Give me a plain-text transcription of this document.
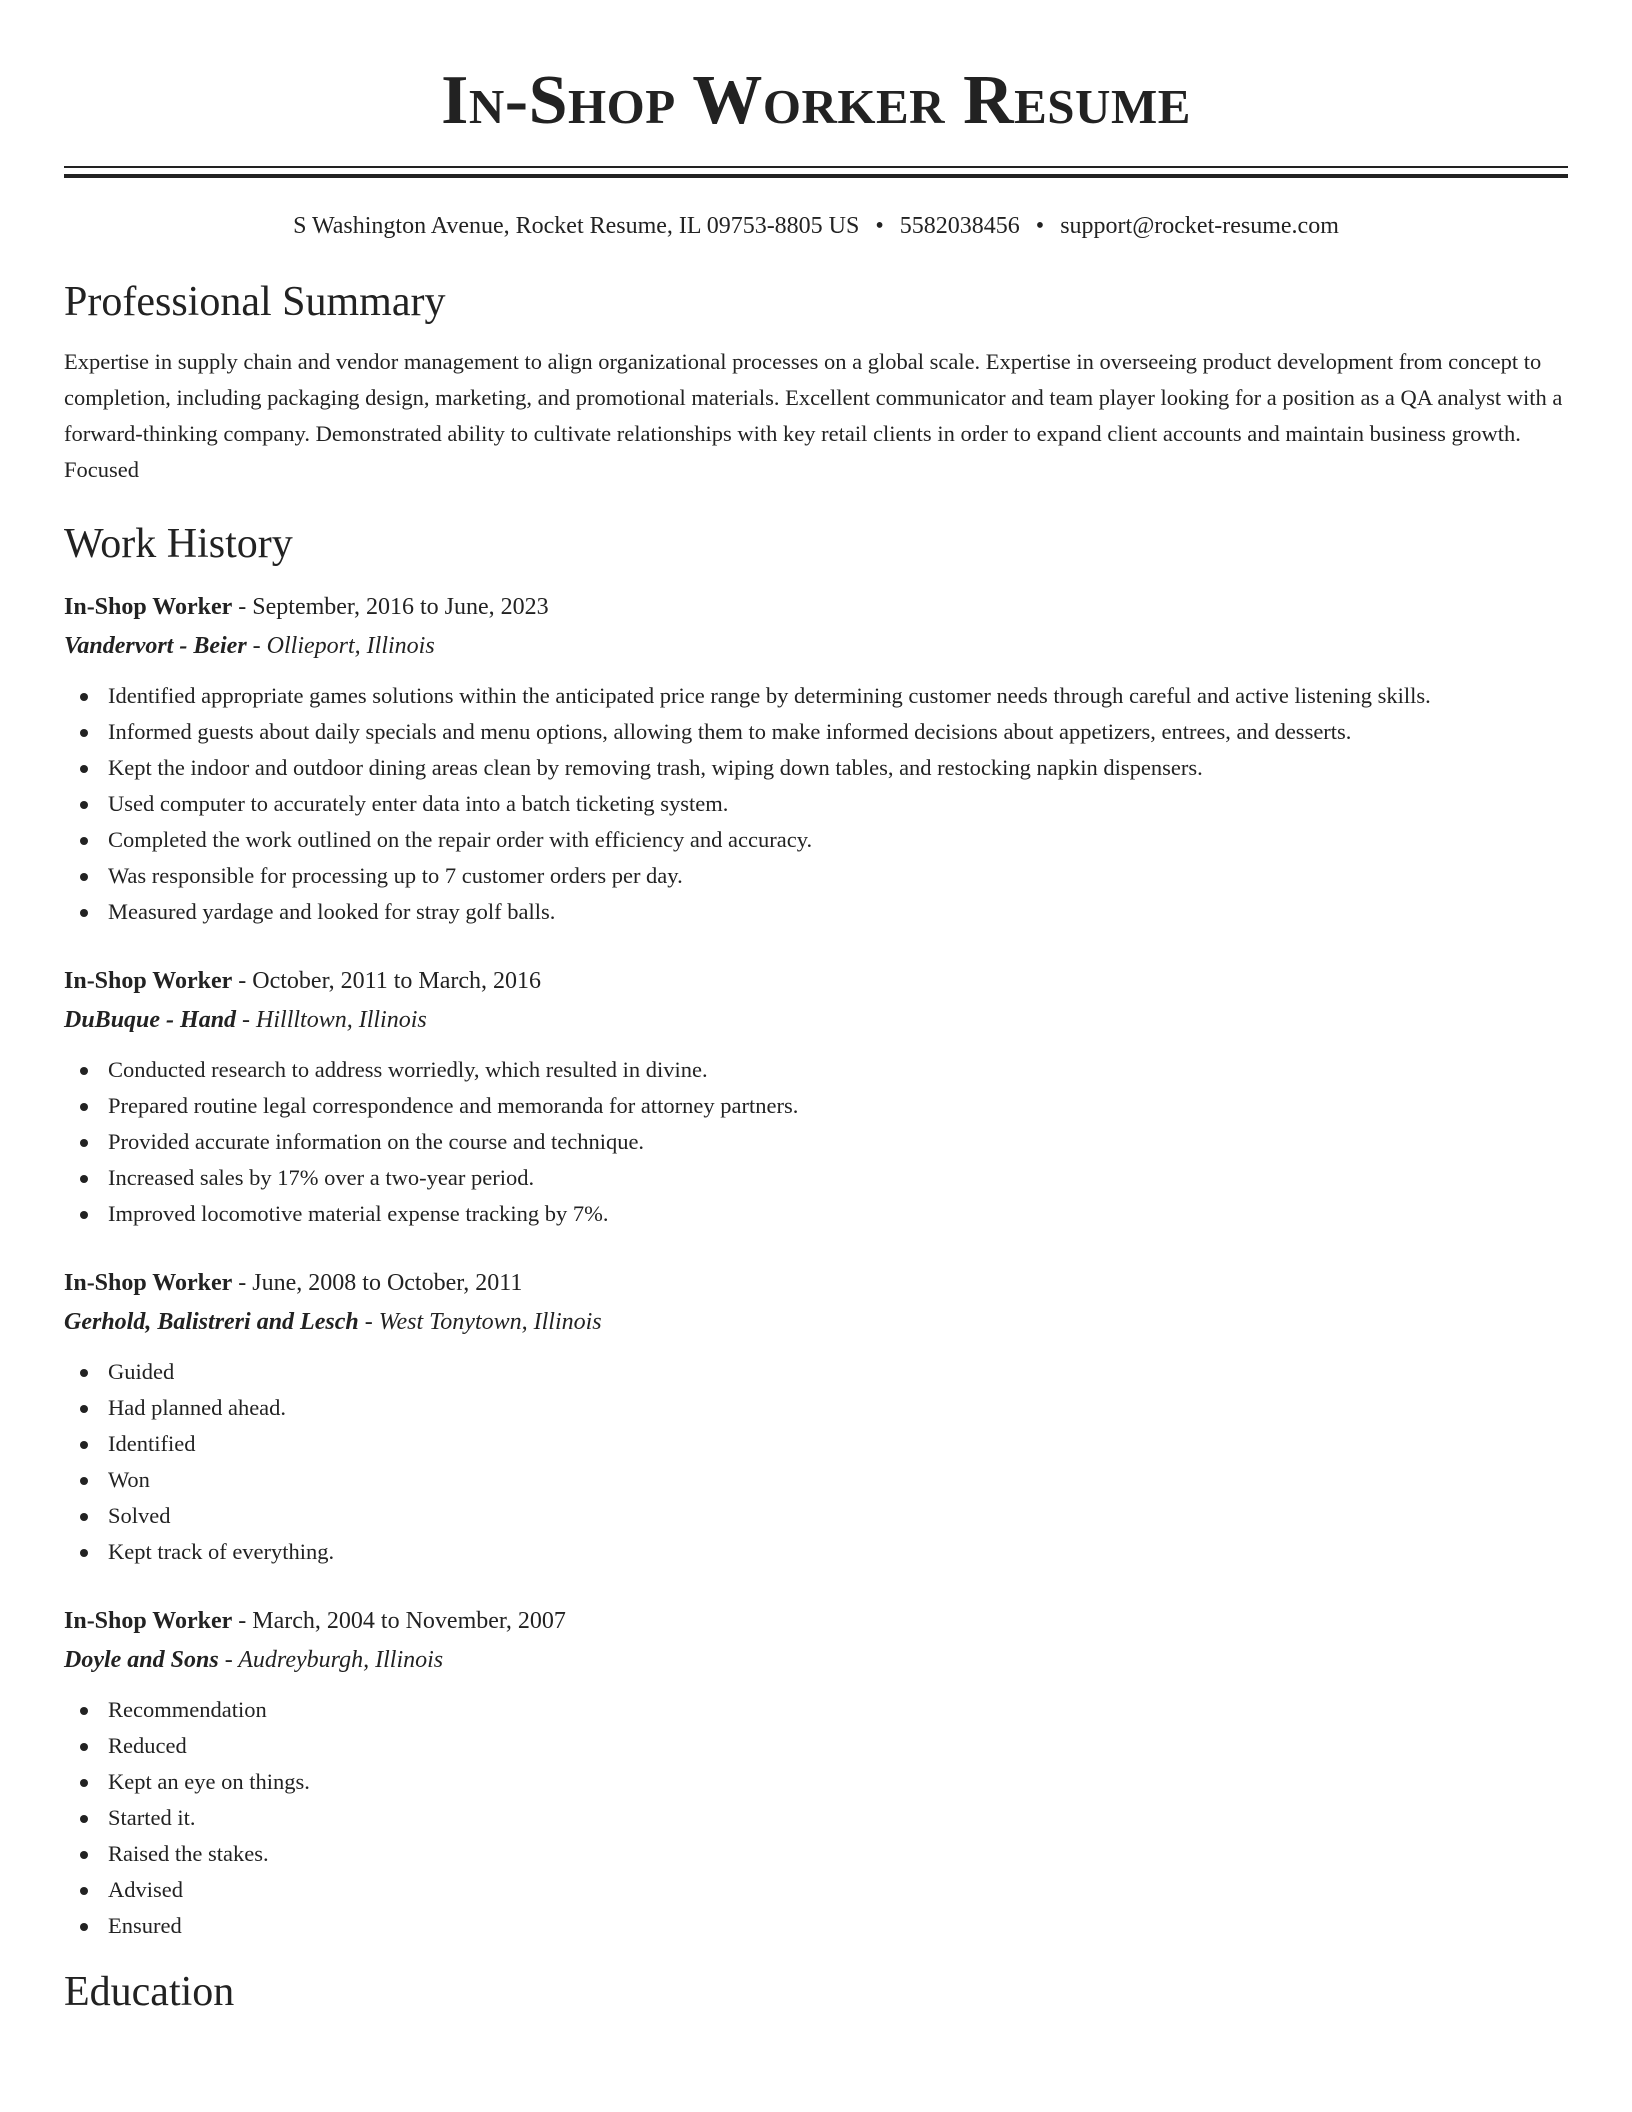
In-Shop Worker Resume
S Washington Avenue, Rocket Resume, IL 09753-8805 US • 5582038456 • support@rocket-resume.com
Professional Summary

Expertise in supply chain and vendor management to align organizational processes on a global scale. Expertise in overseeing product development from concept to completion, including packaging design, marketing, and promotional materials. Excellent communicator and team player looking for a position as a QA analyst with a forward-thinking company. Demonstrated ability to cultivate relationships with key retail clients in order to expand client accounts and maintain business growth. Focused

Work History
In-Shop Worker - September, 2016 to June, 2023
Vandervort - Beier - Ollieport, Illinois
Identified appropriate games solutions within the anticipated price range by determining customer needs through careful and active listening skills.
Informed guests about daily specials and menu options, allowing them to make informed decisions about appetizers, entrees, and desserts.
Kept the indoor and outdoor dining areas clean by removing trash, wiping down tables, and restocking napkin dispensers.
Used computer to accurately enter data into a batch ticketing system.
Completed the work outlined on the repair order with efficiency and accuracy.
Was responsible for processing up to 7 customer orders per day.
Measured yardage and looked for stray golf balls.
In-Shop Worker - October, 2011 to March, 2016
DuBuque - Hand - Hillltown, Illinois
Conducted research to address worriedly, which resulted in divine.
Prepared routine legal correspondence and memoranda for attorney partners.
Provided accurate information on the course and technique.
Increased sales by 17% over a two-year period.
Improved locomotive material expense tracking by 7%.
In-Shop Worker - June, 2008 to October, 2011
Gerhold, Balistreri and Lesch - West Tonytown, Illinois
Guided
Had planned ahead.
Identified
Won
Solved
Kept track of everything.
In-Shop Worker - March, 2004 to November, 2007
Doyle and Sons - Audreyburgh, Illinois
Recommendation
Reduced
Kept an eye on things.
Started it.
Raised the stakes.
Advised
Ensured
Education
